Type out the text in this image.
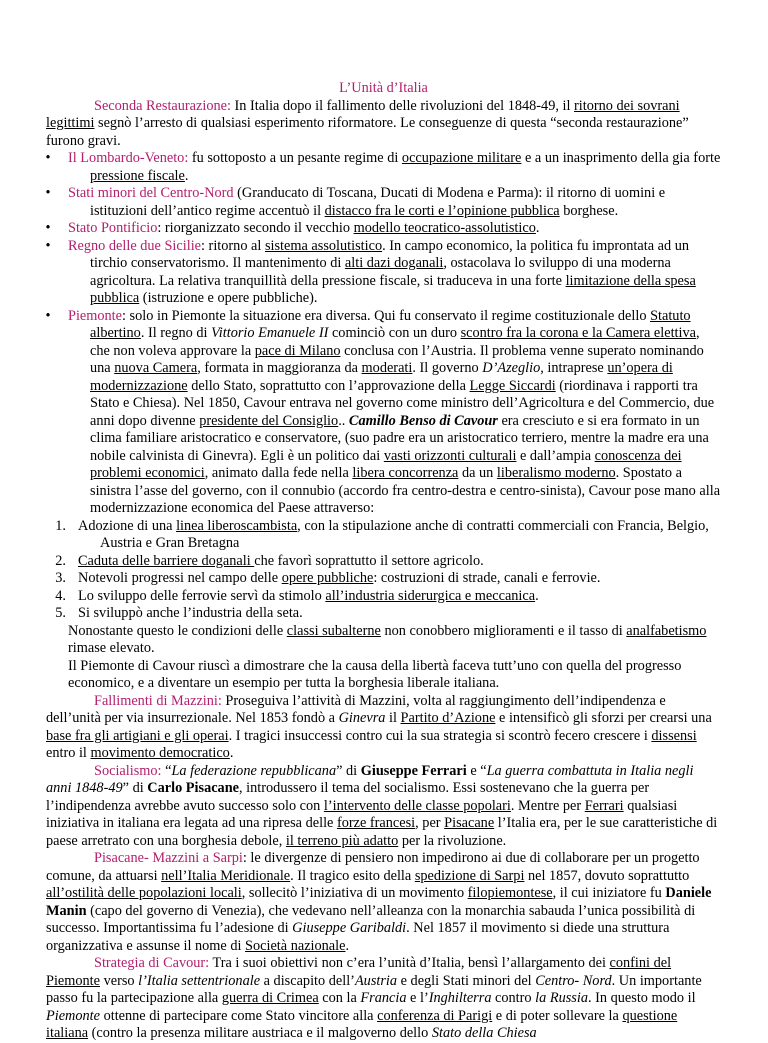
L’Unità d’Italia

Seconda Restaurazione: In Italia dopo il fallimento delle rivoluzioni del 1848-49, il ritorno dei sovrani legittimi segnò l’arresto di qualsiasi esperimento riformatore. Le conseguenze di questa “seconda restaurazione” furono gravi.

• Il Lombardo-Veneto: fu sottoposto a un pesante regime di occupazione militare e a un inasprimento della gia forte pressione fiscale.
• Stati minori del Centro-Nord (Granducato di Toscana, Ducati di Modena e Parma): il ritorno di uomini e istituzioni dell’antico regime accentuò il distacco fra le corti e l’opinione pubblica borghese.
• Stato Pontificio: riorganizzato secondo il vecchio modello teocratico-assolutistico.
• Regno delle due Sicilie: ritorno al sistema assolutistico. In campo economico, la politica fu improntata ad un tirchio conservatorismo. Il mantenimento di alti dazi doganali, ostacolava lo sviluppo di una moderna agricoltura. La relativa tranquillità della pressione fiscale, si traduceva in una forte limitazione della spesa pubblica (istruzione e opere pubbliche).
• Piemonte: solo in Piemonte la situazione era diversa. Qui fu conservato il regime costituzionale dello Statuto albertino. Il regno di Vittorio Emanuele II cominciò con un duro scontro fra la corona e la Camera elettiva, che non voleva approvare la pace di Milano conclusa con l’Austria. Il problema venne superato nominando una nuova Camera, formata in maggioranza da moderati. Il governo D’Azeglio, intraprese un’opera di modernizzazione dello Stato, soprattutto con l’approvazione della Legge Siccardi (riordinava i rapporti tra Stato e Chiesa). Nel 1850, Cavour entrava nel governo come ministro dell’Agricoltura e del Commercio, due anni dopo divenne presidente del Consiglio.. Camillo Benso di Cavour era cresciuto e si era formato in un clima familiare aristocratico e conservatore, (suo padre era un aristocratico terriero, mentre la madre era una nobile calvinista di Ginevra). Egli è un politico dai vasti orizzonti culturali e dall’ampia conoscenza dei problemi economici, animato dalla fede nella libera concorrenza da un liberalismo moderno. Spostato a sinistra l’asse del governo, con il connubio (accordo fra centro-destra e centro-sinista), Cavour pose mano alla modernizzazione economica del Paese attraverso:
1. Adozione di una linea liberoscambista, con la stipulazione anche di contratti commerciali con Francia, Belgio, Austria e Gran Bretagna
2. Caduta delle barriere doganali che favorì soprattutto il settore agricolo.
3. Notevoli progressi nel campo delle opere pubbliche: costruzioni di strade, canali e ferrovie.
4. Lo sviluppo delle ferrovie servì da stimolo all’industria siderurgica e meccanica.
5. Si sviluppò anche l’industria della seta.

Nonostante questo le condizioni delle classi subalterne non conobbero miglioramenti e il tasso di analfabetismo rimase elevato.

Il Piemonte di Cavour riuscì a dimostrare che la causa della libertà faceva tutt’uno con quella del progresso economico, e a diventare un esempio per tutta la borghesia liberale italiana.

Fallimenti di Mazzini: Proseguiva l’attività di Mazzini, volta al raggiungimento dell’indipendenza e dell’unità per via insurrezionale. Nel 1853 fondò a Ginevra il Partito d’Azione e intensificò gli sforzi per crearsi una base fra gli artigiani e gli operai. I tragici insuccessi contro cui la sua strategia si scontrò fecero crescere i dissensi entro il movimento democratico.

Socialismo: “La federazione repubblicana” di Giuseppe Ferrari e “La guerra combattuta in Italia negli anni 1848-49” di Carlo Pisacane, introdussero il tema del socialismo. Essi sostenevano che la guerra per l’indipendenza avrebbe avuto successo solo con l’intervento delle classe popolari. Mentre per Ferrari qualsiasi iniziativa in italiana era legata ad una ripresa delle forze francesi, per Pisacane l’Italia era, per le sue caratteristiche di paese arretrato con una borghesia debole, il terreno più adatto per la rivoluzione.

Pisacane- Mazzini a Sarpi: le divergenze di pensiero non impedirono ai due di collaborare per un progetto comune, da attuarsi nell’Italia Meridionale. Il tragico esito della spedizione di Sarpi nel 1857, dovuto soprattutto all’ostilità delle popolazioni locali, sollecitò l’iniziativa di un movimento filopiemontese, il cui iniziatore fu Daniele Manin (capo del governo di Venezia), che vedevano nell’alleanza con la monarchia sabauda l’unica possibilità di successo. Importantissima fu l’adesione di Giuseppe Garibaldi. Nel 1857 il movimento si diede una struttura organizzativa e assunse il nome di Società nazionale.

Strategia di Cavour: Tra i suoi obiettivi non c’era l’unità d’Italia, bensì l’allargamento dei confini del Piemonte verso l’Italia settentrionale a discapito dell’Austria e degli Stati minori del Centro- Nord. Un importante passo fu la partecipazione alla guerra di Crimea con la Francia e l’Inghilterra contro la Russia. In questo modo il Piemonte ottenne di partecipare come Stato vincitore alla conferenza di Parigi e di poter sollevare la questione italiana (contro la presenza militare austriaca e il malgoverno dello Stato della Chiesa
